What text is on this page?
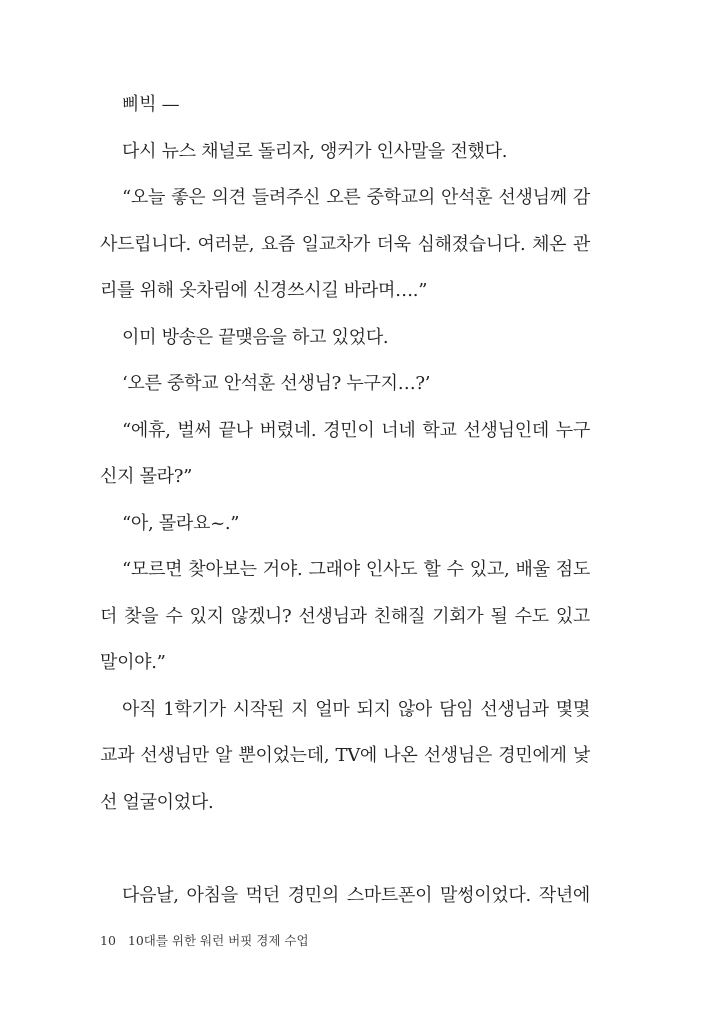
삐빅 —
다시 뉴스 채널로 돌리자, 앵커가 인사말을 전했다.
“오늘 좋은 의견 들려주신 오른 중학교의 안석훈 선생님께 감
사드립니다. 여러분, 요즘 일교차가 더욱 심해졌습니다. 체온 관
리를 위해 옷차림에 신경쓰시길 바라며….”
이미 방송은 끝맺음을 하고 있었다.
‘오른 중학교 안석훈 선생님? 누구지…?’
“에휴, 벌써 끝나 버렸네. 경민이 너네 학교 선생님인데 누구
신지 몰라?”
“아, 몰라요~.”
“모르면 찾아보는 거야. 그래야 인사도 할 수 있고, 배울 점도
더 찾을 수 있지 않겠니? 선생님과 친해질 기회가 될 수도 있고
말이야.”
아직 1학기가 시작된 지 얼마 되지 않아 담임 선생님과 몇몇
교과 선생님만 알 뿐이었는데, TV에 나온 선생님은 경민에게 낯
선 얼굴이었다.
다음날, 아침을 먹던 경민의 스마트폰이 말썽이었다. 작년에
10 10대를 위한 워런 버핏 경제 수업
